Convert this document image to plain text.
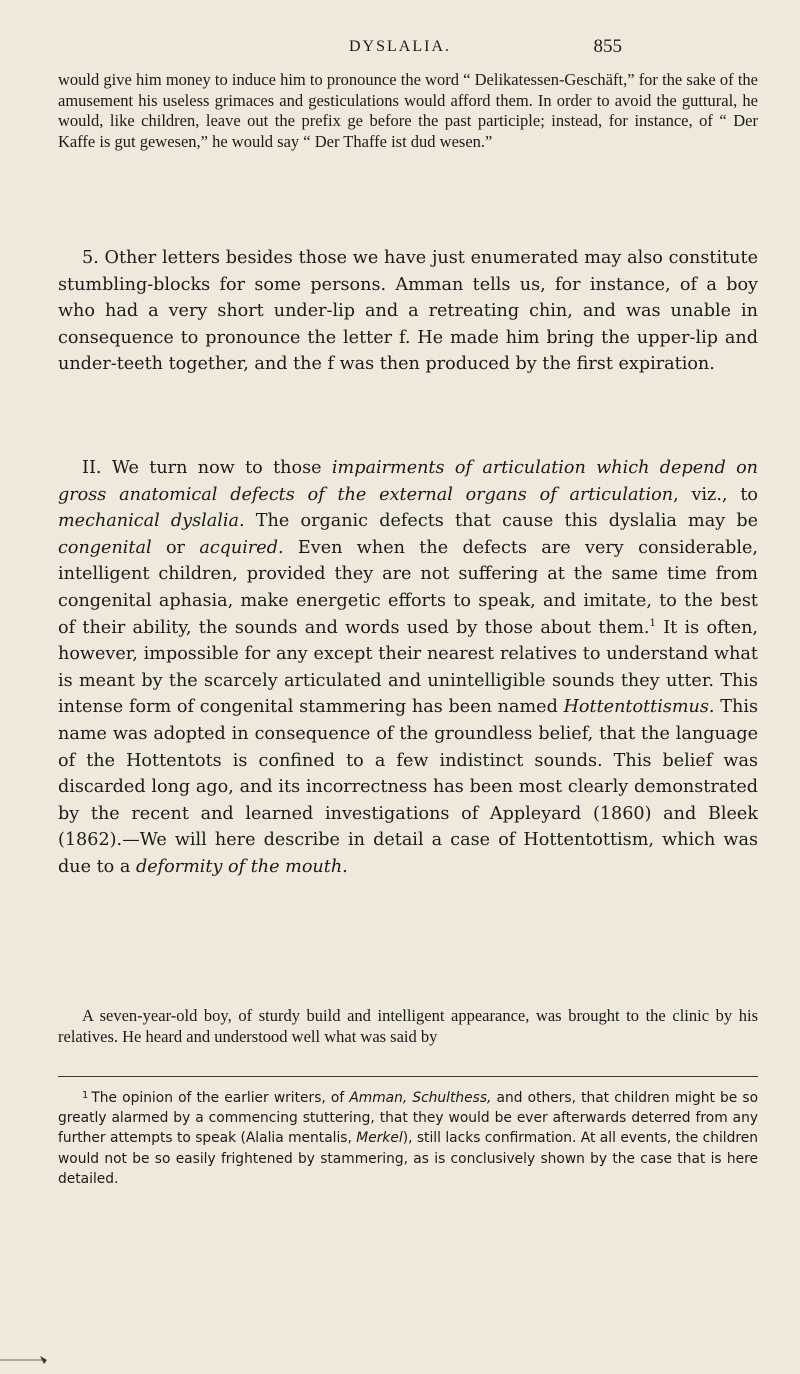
DYSLALIA.	855

would give him money to induce him to pronounce the word “ Delikatessen-Geschäft,” for the sake of the amusement his useless grimaces and gesticulations would afford them. In order to avoid the guttural, he would, like children, leave out the prefix ge before the past participle; instead, for instance, of “ Der Kaffe is gut gewesen,” he would say “ Der Thaffe ist dud wesen.”

5. Other letters besides those we have just enumerated may also constitute stumbling-blocks for some persons. Amman tells us, for instance, of a boy who had a very short under-lip and a retreating chin, and was unable in consequence to pronounce the letter f. He made him bring the upper-lip and under-teeth together, and the f was then produced by the first expiration.

II. We turn now to those impairments of articulation which depend on gross anatomical defects of the external organs of articulation, viz., to mechanical dyslalia. The organic defects that cause this dyslalia may be congenital or acquired. Even when the defects are very considerable, intelligent children, provided they are not suffering at the same time from congenital aphasia, make energetic efforts to speak, and imitate, to the best of their ability, the sounds and words used by those about them.$^1$ It is often, however, impossible for any except their nearest relatives to understand what is meant by the scarcely articulated and unintelligible sounds they utter. This intense form of congenital stammering has been named Hottentottismus. This name was adopted in consequence of the groundless belief, that the language of the Hottentots is confined to a few indistinct sounds. This belief was discarded long ago, and its incorrectness has been most clearly demonstrated by the recent and learned investigations of Appleyard (1860) and Bleek (1862).—We will here describe in detail a case of Hottentottism, which was due to a deformity of the mouth.

A seven-year-old boy, of sturdy build and intelligent appearance, was brought to the clinic by his relatives. He heard and understood well what was said by

$^1$ The opinion of the earlier writers, of Amman, Schulthess, and others, that children might be so greatly alarmed by a commencing stuttering, that they would be ever afterwards deterred from any further attempts to speak (Alalia mentalis, Merkel), still lacks confirmation. At all events, the children would not be so easily frightened by stammering, as is conclusively shown by the case that is here detailed.
